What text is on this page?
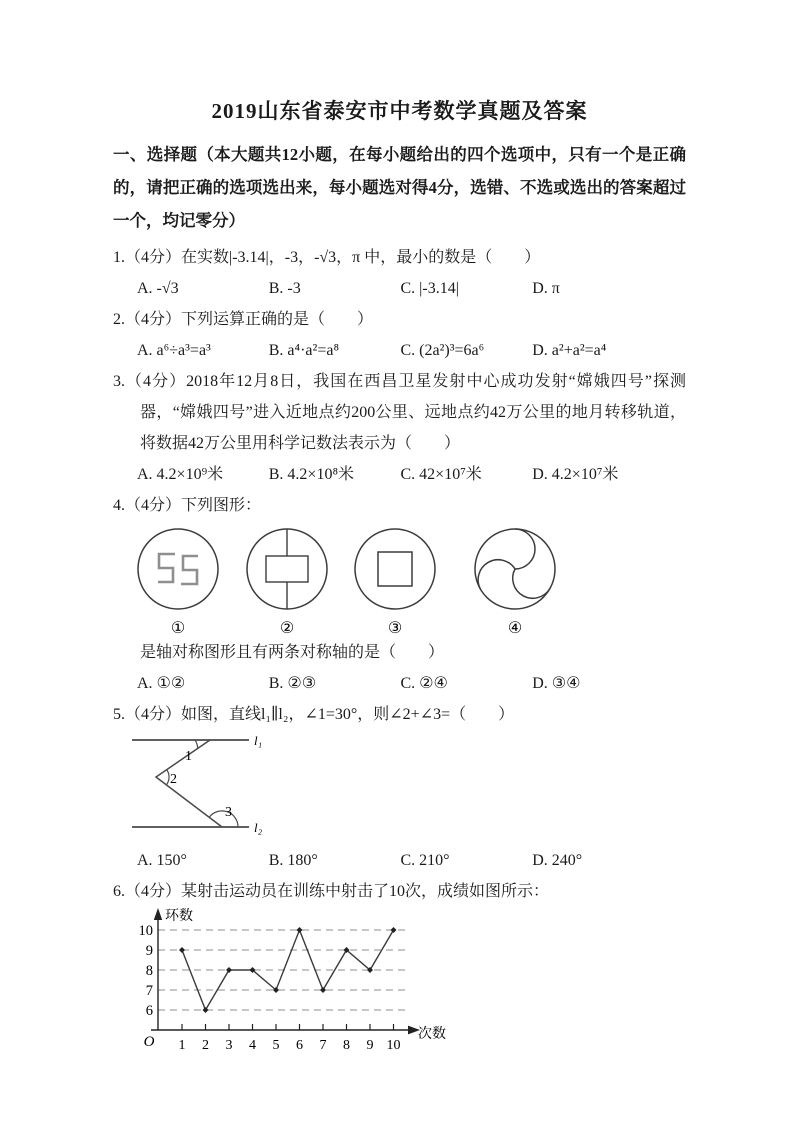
2019山东省泰安市中考数学真题及答案

一、选择题（本大题共12小题，在每小题给出的四个选项中，只有一个是正确的，请把正确的选项选出来，每小题选对得4分，选错、不选或选出的答案超过一个，均记零分）

1.（4分）在实数|-3.14|，-3，-√3，π 中，最小的数是（　　）

A. -√3	B. -3	C. |-3.14|	D. π

2.（4分）下列运算正确的是（　　）

A. a⁶÷a³=a³	B. a⁴·a²=a⁸	C. (2a²)³=6a⁶	D. a²+a²=a⁴

3.（4分）2018年12月8日，我国在西昌卫星发射中心成功发射“嫦娥四号”探测器，“嫦娥四号”进入近地点约200公里、远地点约42万公里的地月转移轨道，将数据42万公里用科学记数法表示为（　　）

A. 4.2×10⁹米	B. 4.2×10⁸米	C. 42×10⁷米	D. 4.2×10⁷米

4.（4分）下列图形：

①	②	③	④

是轴对称图形且有两条对称轴的是（　　）

A. ①②	B. ②③	C. ②④	D. ③④

5.（4分）如图，直线l₁∥l₂，∠1=30°，则∠2+∠3=（　　）

l₁
l₂
1
2
3
A. 150°	B. 180°	C. 210°	D. 240°

6.（4分）某射击运动员在训练中射击了10次，成绩如图所示：

6
7
8
9
10
1 2 3 4 5 6 7 8 9 10
环数
次数
O
